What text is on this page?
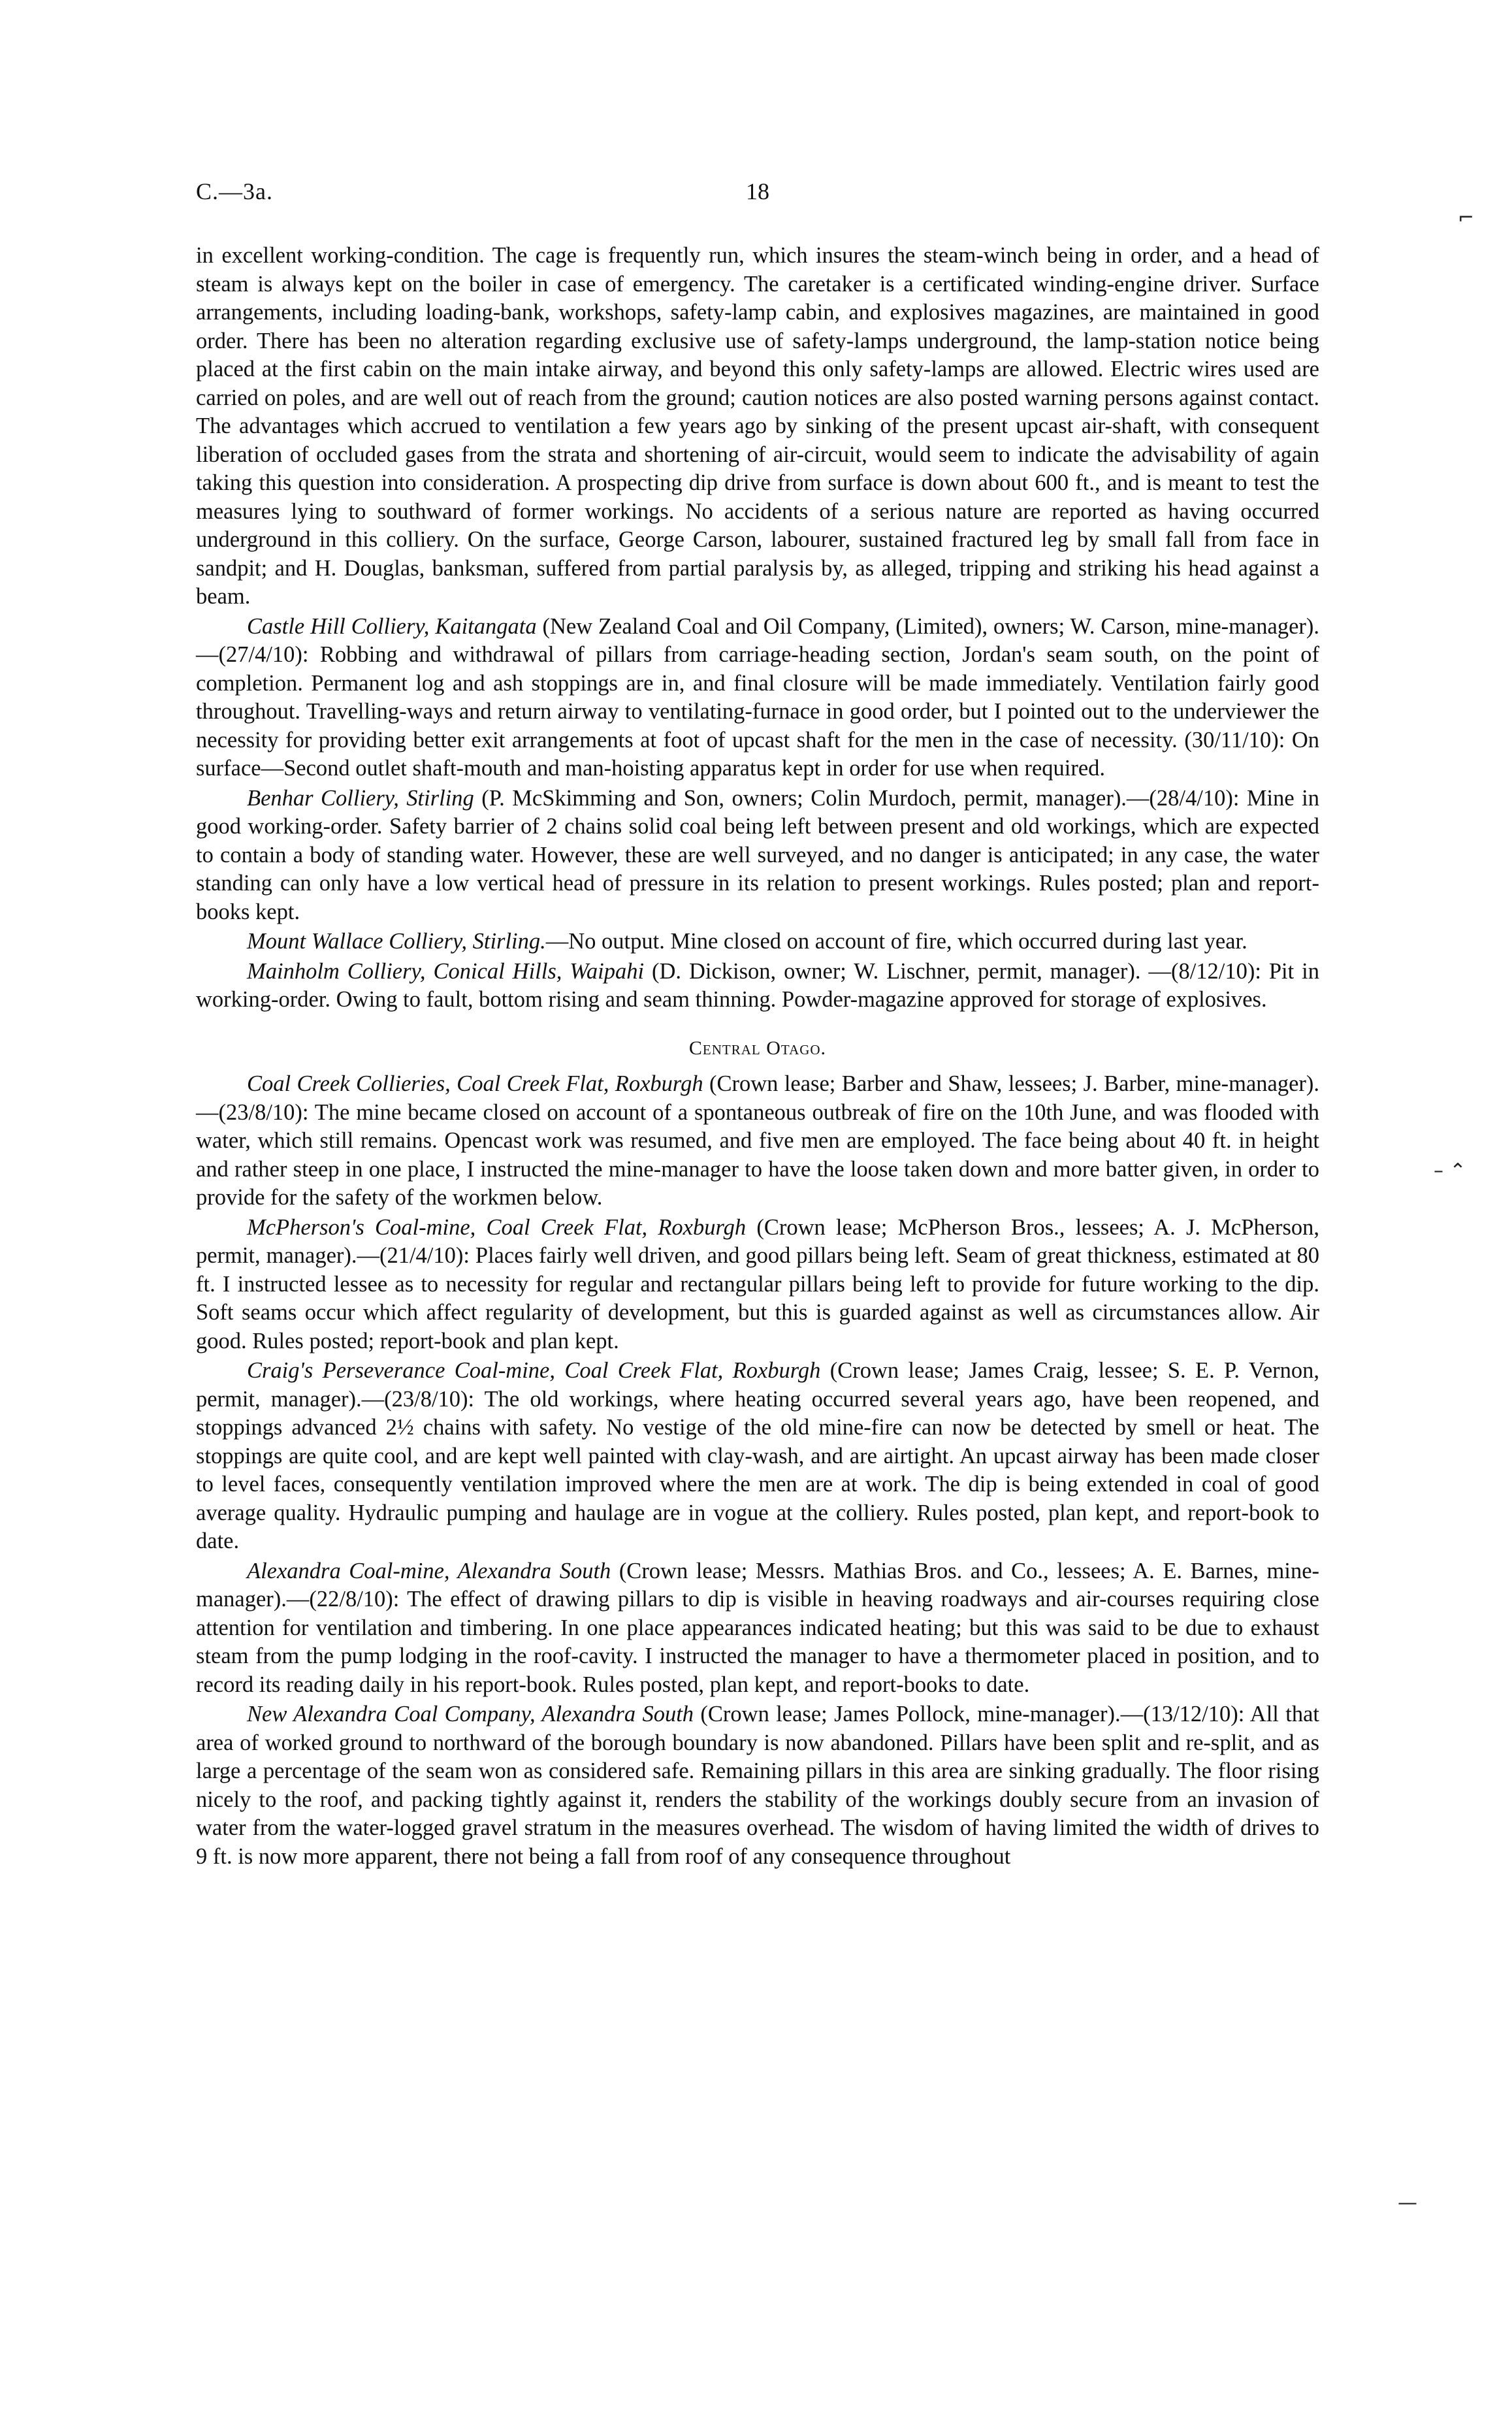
C.—3a.	18
⌐
– ⌃
—

in excellent working-condition. The cage is frequently run, which insures the steam-winch being in order, and a head of steam is always kept on the boiler in case of emergency. The caretaker is a certificated winding-engine driver. Surface arrangements, including loading-bank, workshops, safety-lamp cabin, and explosives magazines, are maintained in good order. There has been no alteration regarding exclusive use of safety-lamps underground, the lamp-station notice being placed at the first cabin on the main intake airway, and beyond this only safety-lamps are allowed. Electric wires used are carried on poles, and are well out of reach from the ground; caution notices are also posted warning persons against contact. The advantages which accrued to ventilation a few years ago by sinking of the present upcast air-shaft, with consequent liberation of occluded gases from the strata and shortening of air-circuit, would seem to indicate the advisability of again taking this question into consideration. A prospecting dip drive from surface is down about 600 ft., and is meant to test the measures lying to southward of former workings. No accidents of a serious nature are reported as having occurred underground in this colliery. On the surface, George Carson, labourer, sustained fractured leg by small fall from face in sandpit; and H. Douglas, banksman, suffered from partial paralysis by, as alleged, tripping and striking his head against a beam.

Castle Hill Colliery, Kaitangata (New Zealand Coal and Oil Company, (Limited), owners; W. Carson, mine-manager).—(27/4/10): Robbing and withdrawal of pillars from carriage-heading section, Jordan's seam south, on the point of completion. Permanent log and ash stoppings are in, and final closure will be made immediately. Ventilation fairly good throughout. Travelling-ways and return airway to ventilating-furnace in good order, but I pointed out to the underviewer the necessity for providing better exit arrangements at foot of upcast shaft for the men in the case of necessity. (30/11/10): On surface—Second outlet shaft-mouth and man-hoisting apparatus kept in order for use when required.

Benhar Colliery, Stirling (P. McSkimming and Son, owners; Colin Murdoch, permit, manager).—(28/4/10): Mine in good working-order. Safety barrier of 2 chains solid coal being left between present and old workings, which are expected to contain a body of standing water. However, these are well surveyed, and no danger is anticipated; in any case, the water standing can only have a low vertical head of pressure in its relation to present workings. Rules posted; plan and report-books kept.

Mount Wallace Colliery, Stirling.—No output. Mine closed on account of fire, which occurred during last year.

Mainholm Colliery, Conical Hills, Waipahi (D. Dickison, owner; W. Lischner, permit, manager). —(8/12/10): Pit in working-order. Owing to fault, bottom rising and seam thinning. Powder-magazine approved for storage of explosives.

Central Otago.

Coal Creek Collieries, Coal Creek Flat, Roxburgh (Crown lease; Barber and Shaw, lessees; J. Barber, mine-manager).—(23/8/10): The mine became closed on account of a spontaneous outbreak of fire on the 10th June, and was flooded with water, which still remains. Opencast work was resumed, and five men are employed. The face being about 40 ft. in height and rather steep in one place, I instructed the mine-manager to have the loose taken down and more batter given, in order to provide for the safety of the workmen below.

McPherson's Coal-mine, Coal Creek Flat, Roxburgh (Crown lease; McPherson Bros., lessees; A. J. McPherson, permit, manager).—(21/4/10): Places fairly well driven, and good pillars being left. Seam of great thickness, estimated at 80 ft. I instructed lessee as to necessity for regular and rectangular pillars being left to provide for future working to the dip. Soft seams occur which affect regularity of development, but this is guarded against as well as circumstances allow. Air good. Rules posted; report-book and plan kept.

Craig's Perseverance Coal-mine, Coal Creek Flat, Roxburgh (Crown lease; James Craig, lessee; S. E. P. Vernon, permit, manager).—(23/8/10): The old workings, where heating occurred several years ago, have been reopened, and stoppings advanced 2½ chains with safety. No vestige of the old mine-fire can now be detected by smell or heat. The stoppings are quite cool, and are kept well painted with clay-wash, and are airtight. An upcast airway has been made closer to level faces, consequently ventilation improved where the men are at work. The dip is being extended in coal of good average quality. Hydraulic pumping and haulage are in vogue at the colliery. Rules posted, plan kept, and report-book to date.

Alexandra Coal-mine, Alexandra South (Crown lease; Messrs. Mathias Bros. and Co., lessees; A. E. Barnes, mine-manager).—(22/8/10): The effect of drawing pillars to dip is visible in heaving roadways and air-courses requiring close attention for ventilation and timbering. In one place appearances indicated heating; but this was said to be due to exhaust steam from the pump lodging in the roof-cavity. I instructed the manager to have a thermometer placed in position, and to record its reading daily in his report-book. Rules posted, plan kept, and report-books to date.

New Alexandra Coal Company, Alexandra South (Crown lease; James Pollock, mine-manager).—(13/12/10): All that area of worked ground to northward of the borough boundary is now abandoned. Pillars have been split and re-split, and as large a percentage of the seam won as considered safe. Remaining pillars in this area are sinking gradually. The floor rising nicely to the roof, and packing tightly against it, renders the stability of the workings doubly secure from an invasion of water from the water-logged gravel stratum in the measures overhead. The wisdom of having limited the width of drives to 9 ft. is now more apparent, there not being a fall from roof of any consequence throughout
